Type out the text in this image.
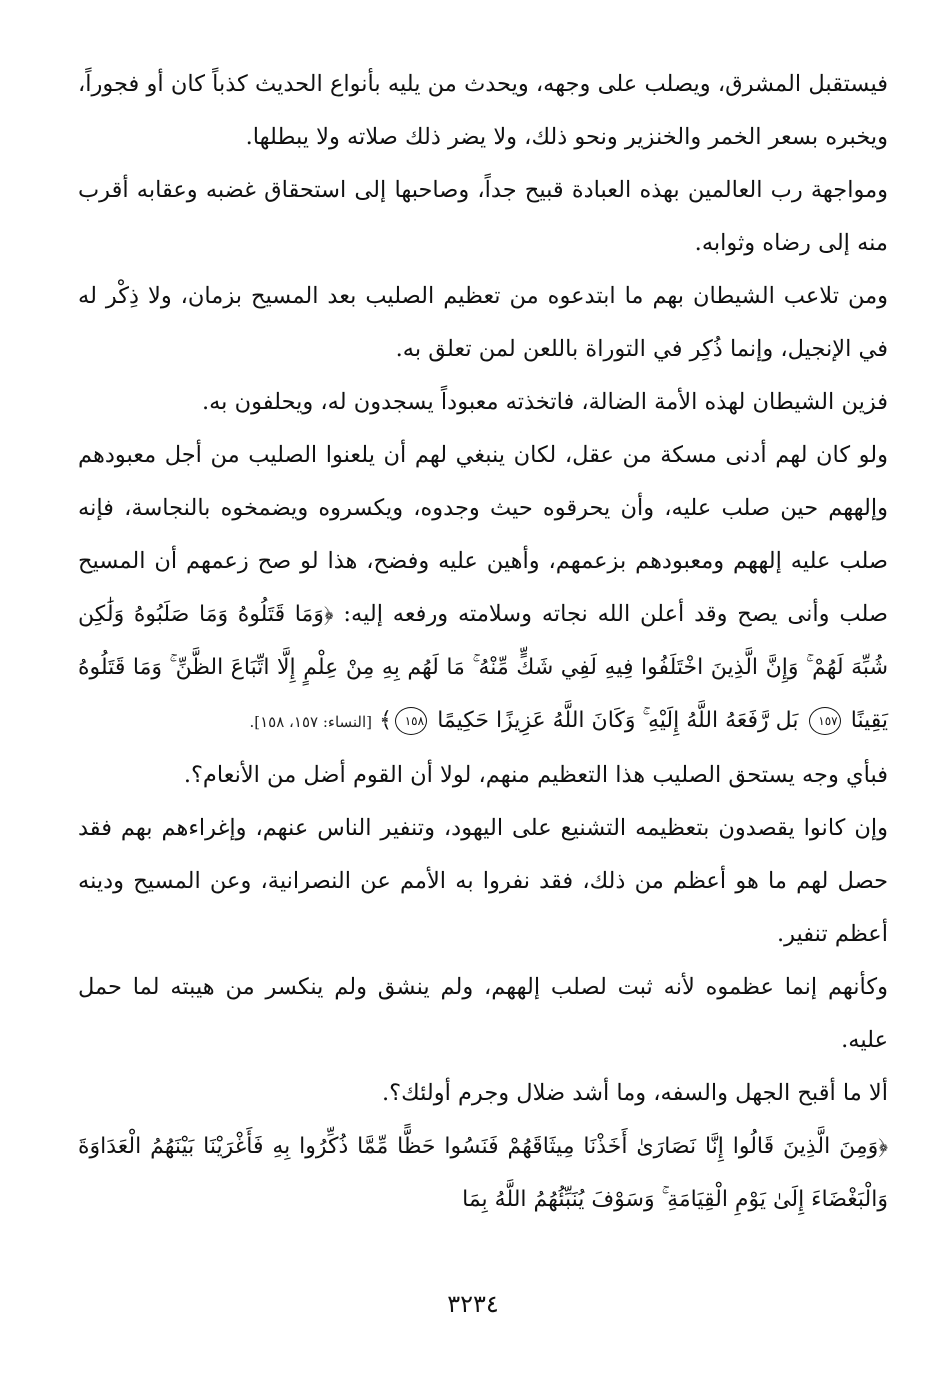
فيستقبل المشرق، ويصلب على وجهه، ويحدث من يليه بأنواع الحديث كذباً كان أو فجوراً، ويخبره بسعر الخمر والخنزير ونحو ذلك، ولا يضر ذلك صلاته ولا يبطلها.

ومواجهة رب العالمين بهذه العبادة قبيح جداً، وصاحبها إلى استحقاق غضبه وعقابه أقرب منه إلى رضاه وثوابه.

ومن تلاعب الشيطان بهم ما ابتدعوه من تعظيم الصليب بعد المسيح بزمان، ولا ذِكْر له في الإنجيل، وإنما ذُكِر في التوراة باللعن لمن تعلق به.

فزين الشيطان لهذه الأمة الضالة، فاتخذته معبوداً يسجدون له، ويحلفون به.

ولو كان لهم أدنى مسكة من عقل، لكان ينبغي لهم أن يلعنوا الصليب من أجل معبودهم وإلههم حين صلب عليه، وأن يحرقوه حيث وجدوه، ويكسروه ويضمخوه بالنجاسة، فإنه صلب عليه إلههم ومعبودهم بزعمهم، وأهين عليه وفضح، هذا لو صح زعمهم أن المسيح صلب وأنى يصح وقد أعلن الله نجاته وسلامته ورفعه إليه: ﴿وَمَا قَتَلُوهُ وَمَا صَلَبُوهُ وَلَٰكِن شُبِّهَ لَهُمْ ۚ وَإِنَّ الَّذِينَ اخْتَلَفُوا فِيهِ لَفِي شَكٍّ مِّنْهُ ۚ مَا لَهُم بِهِ مِنْ عِلْمٍ إِلَّا اتِّبَاعَ الظَّنِّ ۚ وَمَا قَتَلُوهُ يَقِينًا ١٥٧ بَل رَّفَعَهُ اللَّهُ إِلَيْهِ ۚ وَكَانَ اللَّهُ عَزِيزًا حَكِيمًا ١٥٨﴾ [النساء: ١٥٧، ١٥٨].

فبأي وجه يستحق الصليب هذا التعظيم منهم، لولا أن القوم أضل من الأنعام؟.

وإن كانوا يقصدون بتعظيمه التشنيع على اليهود، وتنفير الناس عنهم، وإغراءهم بهم فقد حصل لهم ما هو أعظم من ذلك، فقد نفروا به الأمم عن النصرانية، وعن المسيح ودينه أعظم تنفير.

وكأنهم إنما عظموه لأنه ثبت لصلب إلههم، ولم ينشق ولم ينكسر من هيبته لما حمل عليه.

ألا ما أقبح الجهل والسفه، وما أشد ضلال وجرم أولئك؟.

﴿وَمِنَ الَّذِينَ قَالُوا إِنَّا نَصَارَىٰ أَخَذْنَا مِيثَاقَهُمْ فَنَسُوا حَظًّا مِّمَّا ذُكِّرُوا بِهِ فَأَغْرَيْنَا بَيْنَهُمُ الْعَدَاوَةَ وَالْبَغْضَاءَ إِلَىٰ يَوْمِ الْقِيَامَةِ ۚ وَسَوْفَ يُنَبِّئُهُمُ اللَّهُ بِمَا

٣٢٣٤
